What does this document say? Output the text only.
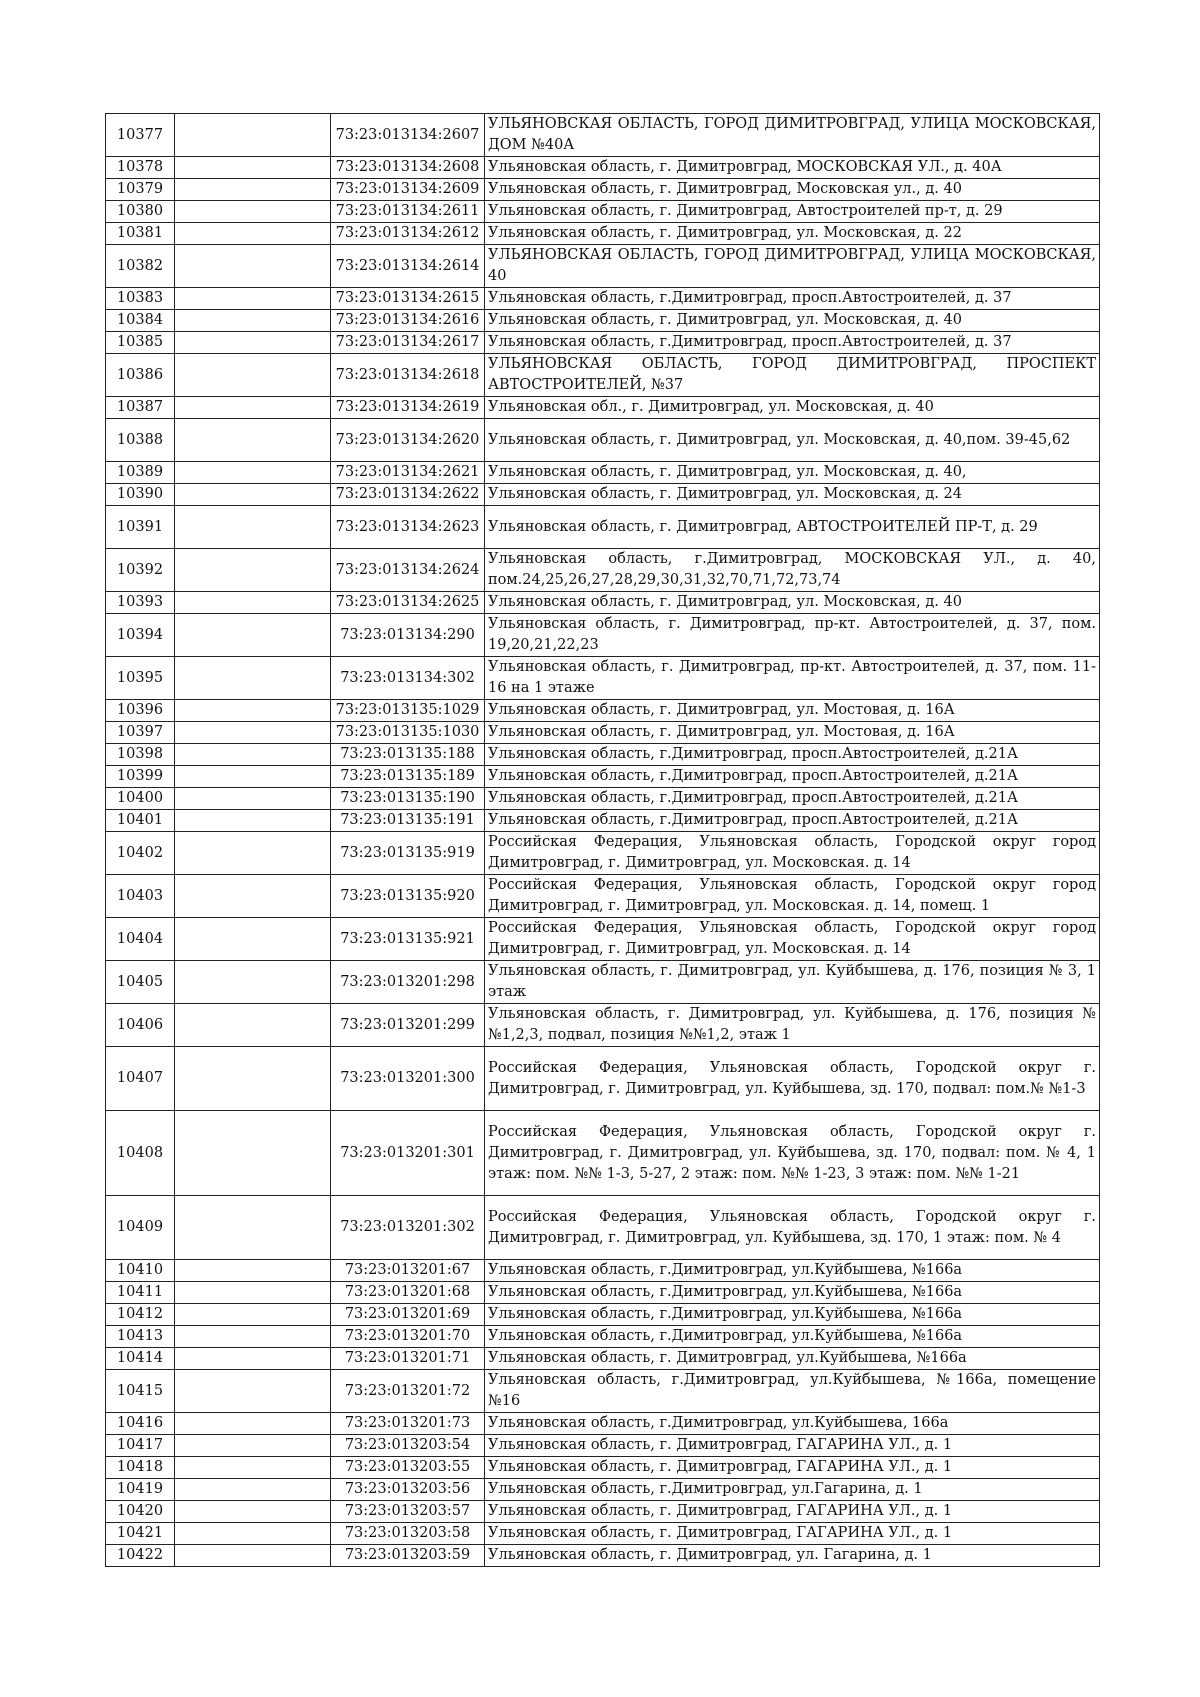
10377		73:23:013134:2607	УЛЬЯНОВСКАЯ ОБЛАСТЬ, ГОРОД ДИМИТРОВГРАД, УЛИЦА МОСКОВСКАЯ, ДОМ №40А
10378		73:23:013134:2608	Ульяновская область, г. Димитровград, МОСКОВСКАЯ УЛ., д. 40А
10379		73:23:013134:2609	Ульяновская область, г. Димитровград, Московская ул., д. 40
10380		73:23:013134:2611	Ульяновская область, г. Димитровград, Автостроителей пр-т, д. 29
10381		73:23:013134:2612	Ульяновская область, г. Димитровград, ул. Московская, д. 22
10382		73:23:013134:2614	УЛЬЯНОВСКАЯ ОБЛАСТЬ, ГОРОД ДИМИТРОВГРАД, УЛИЦА МОСКОВСКАЯ, 40
10383		73:23:013134:2615	Ульяновская область, г.Димитровград, просп.Автостроителей, д. 37
10384		73:23:013134:2616	Ульяновская область, г. Димитровград, ул. Московская, д. 40
10385		73:23:013134:2617	Ульяновская область, г.Димитровград, просп.Автостроителей, д. 37
10386		73:23:013134:2618	УЛЬЯНОВСКАЯ ОБЛАСТЬ, ГОРОД ДИМИТРОВГРАД, ПРОСПЕКТ АВТОСТРОИТЕЛЕЙ, №37
10387		73:23:013134:2619	Ульяновская обл., г. Димитровград, ул. Московская, д. 40
10388		73:23:013134:2620	Ульяновская область, г. Димитровград, ул. Московская, д. 40,пом. 39-45,62
10389		73:23:013134:2621	Ульяновская область, г. Димитровград, ул. Московская, д. 40,
10390		73:23:013134:2622	Ульяновская область, г. Димитровград, ул. Московская, д. 24
10391		73:23:013134:2623	Ульяновская область, г. Димитровград, АВТОСТРОИТЕЛЕЙ ПР-Т, д. 29
10392		73:23:013134:2624	Ульяновская область, г.Димитровград, МОСКОВСКАЯ УЛ., д. 40, пом.24,25,26,27,28,29,30,31,32,70,71,72,73,74
10393		73:23:013134:2625	Ульяновская область, г. Димитровград, ул. Московская, д. 40
10394		73:23:013134:290	Ульяновская область, г. Димитровград, пр-кт. Автостроителей, д. 37, пом. 19,20,21,22,23
10395		73:23:013134:302	Ульяновская область, г. Димитровград, пр-кт. Автостроителей, д. 37, пом. 11-16 на 1 этаже
10396		73:23:013135:1029	Ульяновская область, г. Димитровград, ул. Мостовая, д. 16А
10397		73:23:013135:1030	Ульяновская область, г. Димитровград, ул. Мостовая, д. 16А
10398		73:23:013135:188	Ульяновская область, г.Димитровград, просп.Автостроителей, д.21А
10399		73:23:013135:189	Ульяновская область, г.Димитровград, просп.Автостроителей, д.21А
10400		73:23:013135:190	Ульяновская область, г.Димитровград, просп.Автостроителей, д.21А
10401		73:23:013135:191	Ульяновская область, г.Димитровград, просп.Автостроителей, д.21А
10402		73:23:013135:919	Российская Федерация, Ульяновская область, Городской округ город Димитровград, г. Димитровград, ул. Московская. д. 14
10403		73:23:013135:920	Российская Федерация, Ульяновская область, Городской округ город Димитровград, г. Димитровград, ул. Московская. д. 14, помещ. 1
10404		73:23:013135:921	Российская Федерация, Ульяновская область, Городской округ город Димитровград, г. Димитровград, ул. Московская. д. 14
10405		73:23:013201:298	Ульяновская область, г. Димитровград, ул. Куйбышева, д. 176, позиция № 3, 1 этаж
10406		73:23:013201:299	Ульяновская область, г. Димитровград, ул. Куйбышева, д. 176, позиция №№1,2,3, подвал, позиция №№1,2, этаж 1
10407		73:23:013201:300	Российская Федерация, Ульяновская область, Городской округ г. Димитровград, г. Димитровград, ул. Куйбышева, зд. 170, подвал: пом.№ №1-3
10408		73:23:013201:301	Российская Федерация, Ульяновская область, Городской округ г. Димитровград, г. Димитровград, ул. Куйбышева, зд. 170, подвал: пом. № 4, 1 этаж: пом. №№ 1-3, 5-27, 2 этаж: пом. №№ 1-23, 3 этаж: пом. №№ 1-21
10409		73:23:013201:302	Российская Федерация, Ульяновская область, Городской округ г. Димитровград, г. Димитровград, ул. Куйбышева, зд. 170, 1 этаж: пом. № 4
10410		73:23:013201:67	Ульяновская область, г.Димитровград, ул.Куйбышева, №166а
10411		73:23:013201:68	Ульяновская область, г.Димитровград, ул.Куйбышева, №166а
10412		73:23:013201:69	Ульяновская область, г.Димитровград, ул.Куйбышева, №166а
10413		73:23:013201:70	Ульяновская область, г.Димитровград, ул.Куйбышева, №166а
10414		73:23:013201:71	Ульяновская область, г. Димитровград, ул.Куйбышева, №166а
10415		73:23:013201:72	Ульяновская область, г.Димитровград, ул.Куйбышева, №166а, помещение №16
10416		73:23:013201:73	Ульяновская область, г.Димитровград, ул.Куйбышева, 166а
10417		73:23:013203:54	Ульяновская область, г. Димитровград, ГАГАРИНА УЛ., д. 1
10418		73:23:013203:55	Ульяновская область, г. Димитровград, ГАГАРИНА УЛ., д. 1
10419		73:23:013203:56	Ульяновская область, г.Димитровград, ул.Гагарина, д. 1
10420		73:23:013203:57	Ульяновская область, г. Димитровград, ГАГАРИНА УЛ., д. 1
10421		73:23:013203:58	Ульяновская область, г. Димитровград, ГАГАРИНА УЛ., д. 1
10422		73:23:013203:59	Ульяновская область, г. Димитровград, ул. Гагарина, д. 1
